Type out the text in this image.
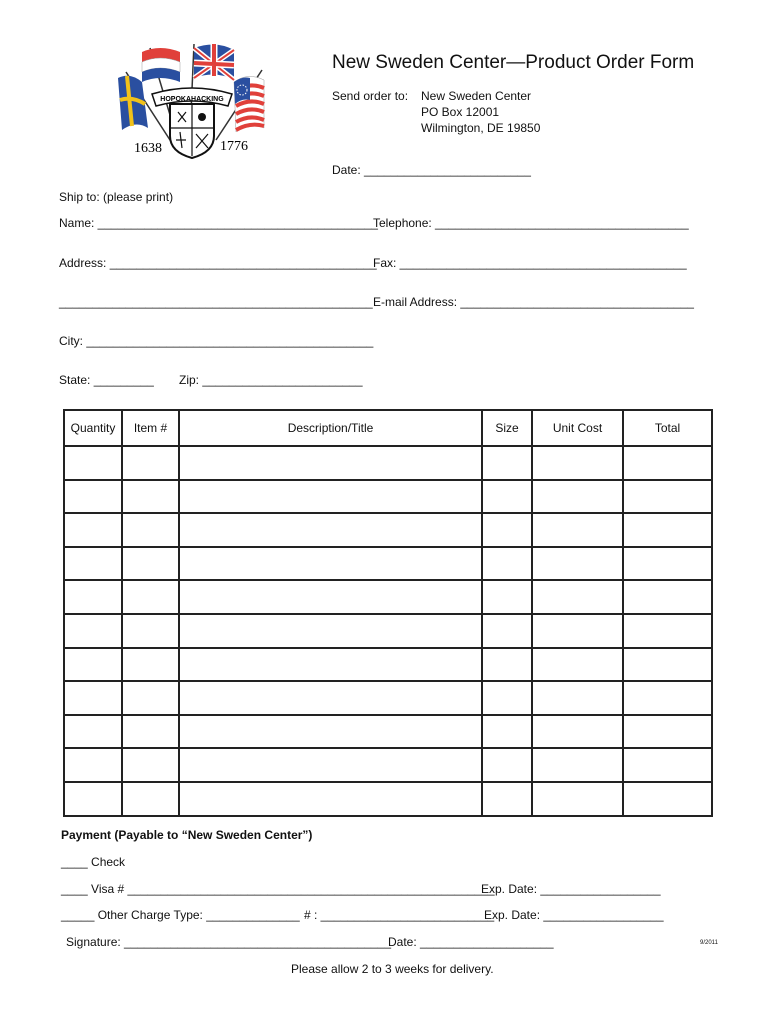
HOPOKAHACKING
1638	1776
New Sweden Center—Product Order Form
Send order to: New Sweden Center
PO Box 12001
Wilmington, DE 19850
Date: _________________________
Ship to: (please print)
Name: __________________________________________
Telephone: ______________________________________
Address: ________________________________________
Fax: ___________________________________________
_______________________________________________ E-mail Address: ___________________________________
City: ___________________________________________
State: _________ Zip: ________________________
Quantity	Item #	Description/Title	Size	Unit Cost	Total

Payment (Payable to “New Sweden Center”)
____ Check
____ Visa # _______________________________________________________
Exp. Date: __________________
_____ Other Charge Type: ______________ # : __________________________
Exp. Date: __________________
Signature: ________________________________________
Date: ____________________	9/2011
Please allow 2 to 3 weeks for delivery.
